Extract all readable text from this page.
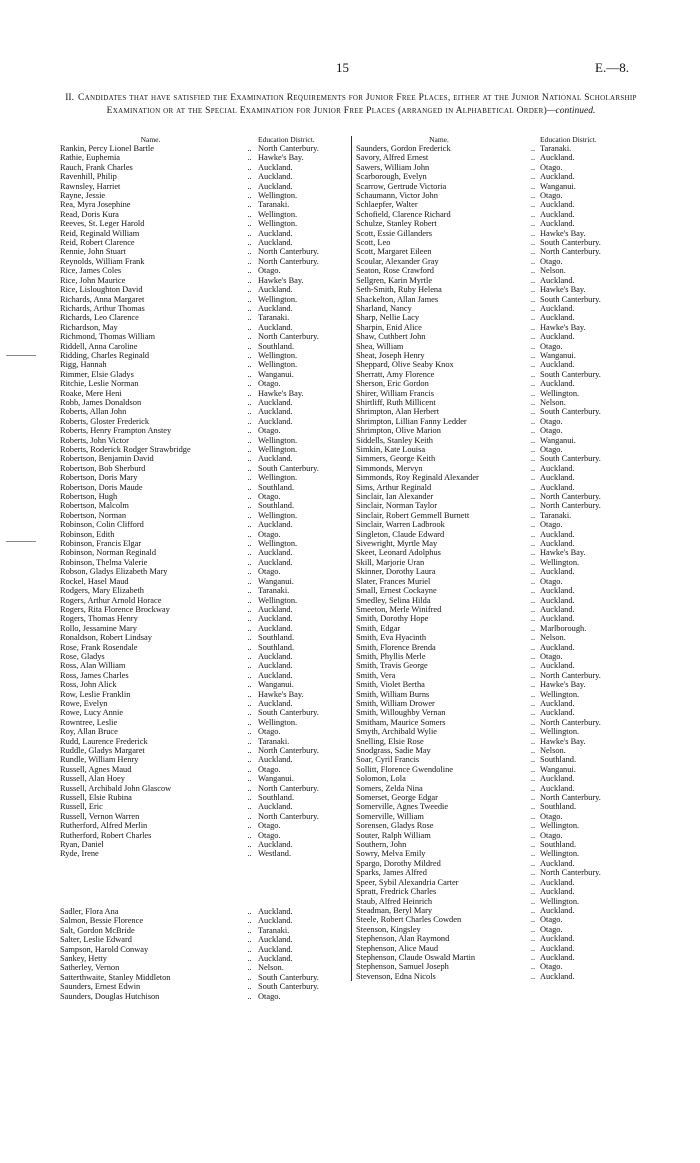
15	E.—8.
II. Candidates that have satisfied the Examination Requirements for Junior Free Places, either at the Junior National Scholarship Examination or at the Special Examination for Junior Free Places (arranged in Alphabetical Order)—continued.
Name.	Education District.
Rankin, Percy Lionel Bartle	.. North Canterbury.
Rathie, Euphemia	.. Hawke's Bay.
Rauch, Frank Charles	.. Auckland.
Ravenhill, Philip	.. Auckland.
Rawnsley, Harriet	.. Auckland.
Rayne, Jessie	.. Wellington.
Rea, Myra Josephine	.. Taranaki.
Read, Doris Kura	.. Wellington.
Reeves, St. Leger Harold	.. Wellington.
Reid, Reginald William	.. Auckland.
Reid, Robert Clarence	.. Auckland.
Rennie, John Stuart	.. North Canterbury.
Reynolds, William Frank	.. North Canterbury.
Rice, James Coles	.. Otago.
Rice, John Maurice	.. Hawke's Bay.
Rice, Lisloughton David	.. Auckland.
Richards, Anna Margaret	.. Wellington.
Richards, Arthur Thomas	.. Auckland.
Richards, Leo Clarence	.. Taranaki.
Richardson, May	.. Auckland.
Richmond, Thomas William	.. North Canterbury.
Riddell, Anna Caroline	.. Southland.
Ridding, Charles Reginald	.. Wellington.
Rigg, Hannah	.. Wellington.
Rimmer, Elsie Gladys	.. Wanganui.
Ritchie, Leslie Norman	.. Otago.
Roake, Mere Heni	.. Hawke's Bay.
Robb, James Donaldson	.. Auckland.
Roberts, Allan John	.. Auckland.
Roberts, Gloster Frederick	.. Auckland.
Roberts, Henry Frampton Anstey	.. Otago.
Roberts, John Victor	.. Wellington.
Roberts, Roderick Rodger Strawbridge	.. Wellington.
Robertson, Benjamin David	.. Auckland.
Robertson, Bob Sherburd	.. South Canterbury.
Robertson, Doris Mary	.. Wellington.
Robertson, Doris Maude	.. Southland.
Robertson, Hugh	.. Otago.
Robertson, Malcolm	.. Southland.
Robertson, Norman	.. Wellington.
Robinson, Colin Clifford	.. Auckland.
Robinson, Edith	.. Otago.
Robinson, Francis Elgar	.. Wellington.
Robinson, Norman Reginald	.. Auckland.
Robinson, Thelma Valerie	.. Auckland.
Robson, Gladys Elizabeth Mary	.. Otago.
Rockel, Hasel Maud	.. Wanganui.
Rodgers, Mary Elizabeth	.. Taranaki.
Rogers, Arthur Arnold Horace	.. Wellington.
Rogers, Rita Florence Brockway	.. Auckland.
Rogers, Thomas Henry	.. Auckland.
Rollo, Jessamine Mary	.. Auckland.
Ronaldson, Robert Lindsay	.. Southland.
Rose, Frank Rosendale	.. Southland.
Rose, Gladys	.. Auckland.
Ross, Alan William	.. Auckland.
Ross, James Charles	.. Auckland.
Ross, John Alick	.. Wanganui.
Row, Leslie Franklin	.. Hawke's Bay.
Rowe, Evelyn	.. Auckland.
Rowe, Lucy Annie	.. South Canterbury.
Rowntree, Leslie	.. Wellington.
Roy, Allan Bruce	.. Otago.
Rudd, Laurence Frederick	.. Taranaki.
Ruddle, Gladys Margaret	.. North Canterbury.
Rundle, William Henry	.. Auckland.
Russell, Agnes Maud	.. Otago.
Russell, Alan Hoey	.. Wanganui.
Russell, Archibald John Glascow	.. North Canterbury.
Russell, Elsie Rubina	.. Southland.
Russell, Eric	.. Auckland.
Russell, Vernon Warren	.. North Canterbury.
Rutherford, Alfred Merlin	.. Otago.
Rutherford, Robert Charles	.. Otago.
Ryan, Daniel	.. Auckland.
Ryde, Irene	.. Westland.
Sadler, Flora Ana	.. Auckland.
Salmon, Bessie Florence	.. Auckland.
Salt, Gordon McBride	.. Taranaki.
Salter, Leslie Edward	.. Auckland.
Sampson, Harold Conway	.. Auckland.
Sankey, Hetty	.. Auckland.
Satherley, Vernon	.. Nelson.
Satterthwaite, Stanley Middleton	.. South Canterbury.
Saunders, Ernest Edwin	.. South Canterbury.
Saunders, Douglas Hutchison	.. Otago.
Name.	Education District.
Saunders, Gordon Frederick	.. Taranaki.
Savory, Alfred Ernest	.. Auckland.
Sawers, William John	.. Otago.
Scarborough, Evelyn	.. Auckland.
Scarrow, Gertrude Victoria	.. Wanganui.
Schaumann, Victor John	.. Otago.
Schlaepfer, Walter	.. Auckland.
Schofield, Clarence Richard	.. Auckland.
Schulze, Stanley Robert	.. Auckland.
Scott, Essie Gillanders	.. Hawke's Bay.
Scott, Leo	.. South Canterbury.
Scott, Margaret Eileen	.. North Canterbury.
Scoular, Alexander Gray	.. Otago.
Seaton, Rose Crawford	.. Nelson.
Sellgren, Karin Myrtle	.. Auckland.
Seth-Smith, Ruby Helena	.. Hawke's Bay.
Shackelton, Allan James	.. South Canterbury.
Sharland, Nancy	.. Auckland.
Sharp, Nellie Lacy	.. Auckland.
Sharpin, Enid Alice	.. Hawke's Bay.
Shaw, Cuthbert John	.. Auckland.
Shea, William	.. Otago.
Sheat, Joseph Henry	.. Wanganui.
Sheppard, Olive Seaby Knox	.. Auckland.
Sherratt, Amy Florence	.. South Canterbury.
Sherson, Eric Gordon	.. Auckland.
Shirer, William Francis	.. Wellington.
Shirtliff, Ruth Millicent	.. Nelson.
Shrimpton, Alan Herbert	.. South Canterbury.
Shrimpton, Lillian Fanny Ledder	.. Otago.
Shrimpton, Olive Marion	.. Otago.
Siddells, Stanley Keith	.. Wanganui.
Simkin, Kate Louisa	.. Otago.
Simmers, George Keith	.. South Canterbury.
Simmonds, Mervyn	.. Auckland.
Simmonds, Roy Reginald Alexander	.. Auckland.
Sims, Arthur Reginald	.. Auckland.
Sinclair, Ian Alexander	.. North Canterbury.
Sinclair, Norman Taylor	.. North Canterbury.
Sinclair, Robert Gemmell Burnett	.. Taranaki.
Sinclair, Warren Ladbrook	.. Otago.
Singleton, Claude Edward	.. Auckland.
Sivewright, Myrtle May	.. Auckland.
Skeet, Leonard Adolphus	.. Hawke's Bay.
Skill, Marjorie Uran	.. Wellington.
Skinner, Dorothy Laura	.. Auckland.
Slater, Frances Muriel	.. Otago.
Small, Ernest Cockayne	.. Auckland.
Smedley, Selina Hilda	.. Auckland.
Smeeton, Merle Winifred	.. Auckland.
Smith, Dorothy Hope	.. Auckland.
Smith, Edgar	.. Marlborough.
Smith, Eva Hyacinth	.. Nelson.
Smith, Florence Brenda	.. Auckland.
Smith, Phyllis Merle	.. Otago.
Smith, Travis George	.. Auckland.
Smith, Vera	.. North Canterbury.
Smith, Violet Bertha	.. Hawke's Bay.
Smith, William Burns	.. Wellington.
Smith, William Drower	.. Auckland.
Smith, Willoughby Vernan	.. Auckland.
Smitham, Maurice Somers	.. North Canterbury.
Smyth, Archibald Wylie	.. Wellington.
Snelling, Elsie Rose	.. Hawke's Bay.
Snodgrass, Sadie May	.. Nelson.
Soar, Cyril Francis	.. Southland.
Sollitt, Florence Gwendoline	.. Wanganui.
Solomon, Lola	.. Auckland.
Somers, Zelda Nina	.. Auckland.
Somerset, George Edgar	.. North Canterbury.
Somerville, Agnes Tweedie	.. Southland.
Somerville, William	.. Otago.
Sorensen, Gladys Rose	.. Wellington.
Souter, Ralph William	.. Otago.
Southern, John	.. Southland.
Sowry, Melva Emily	.. Wellington.
Spargo, Dorothy Mildred	.. Auckland.
Sparks, James Alfred	.. North Canterbury.
Speer, Sybil Alexandria Carter	.. Auckland.
Spratt, Fredrick Charles	.. Auckland.
Staub, Alfred Heinrich	.. Wellington.
Steadman, Beryl Mary	.. Auckland.
Steele, Robert Charles Cowden	.. Otago.
Steenson, Kingsley	.. Otago.
Stephenson, Alan Raymond	.. Auckland.
Stephenson, Alice Maud	.. Auckland.
Stephenson, Claude Oswald Martin	.. Auckland.
Stephenson, Samuel Joseph	.. Otago.
Stevenson, Edna Nicols	.. Auckland.
